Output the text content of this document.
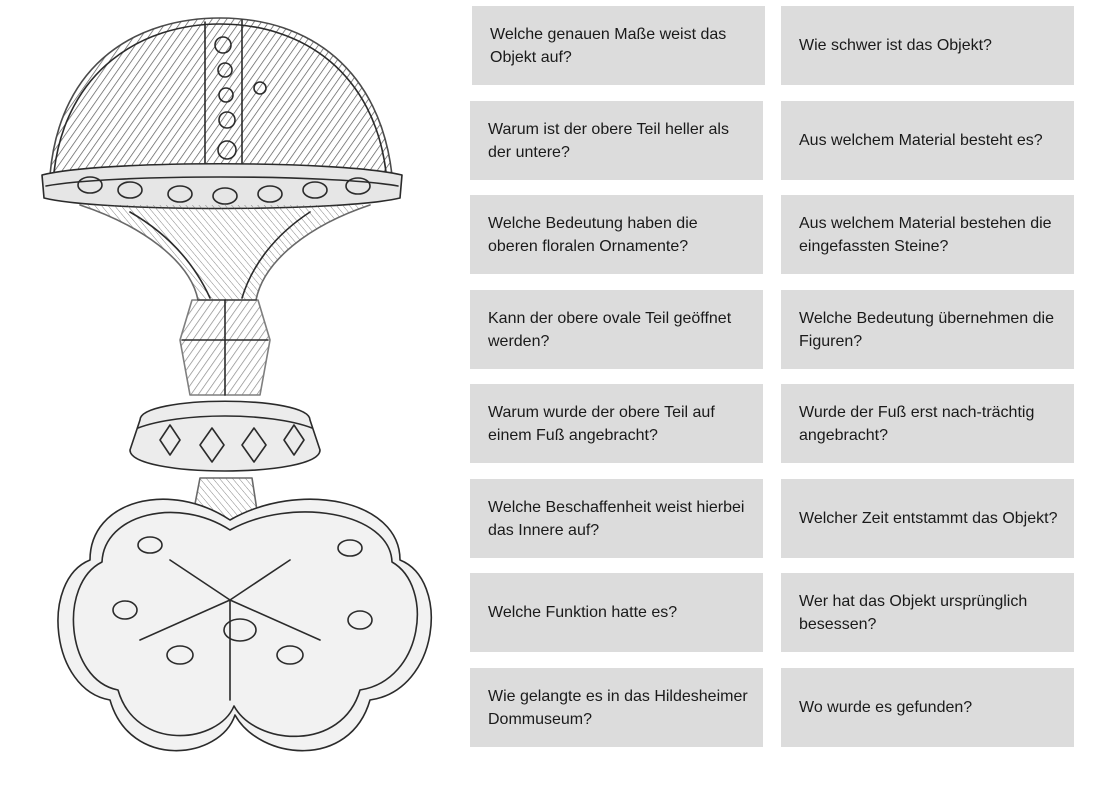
Welche genauen Maße weist das Objekt auf?
Warum ist der obere Teil heller als der untere?
Welche Bedeutung haben die oberen floralen Ornamente?
Kann der obere ovale Teil geöffnet werden?
Warum wurde der obere Teil auf einem Fuß angebracht?
Welche Beschaffenheit weist hierbei das Innere auf?
Welche Funktion hatte es?
Wie gelangte es in das Hildesheimer Dommuseum?
Wie schwer ist das Objekt?
Aus welchem Material besteht es?
Aus welchem Material bestehen die eingefassten Steine?
Welche Bedeutung übernehmen die Figuren?
Wurde der Fuß erst nach-trächtig angebracht?
Welcher Zeit entstammt das Objekt?
Wer hat das Objekt ursprünglich besessen?
Wo wurde es gefunden?
